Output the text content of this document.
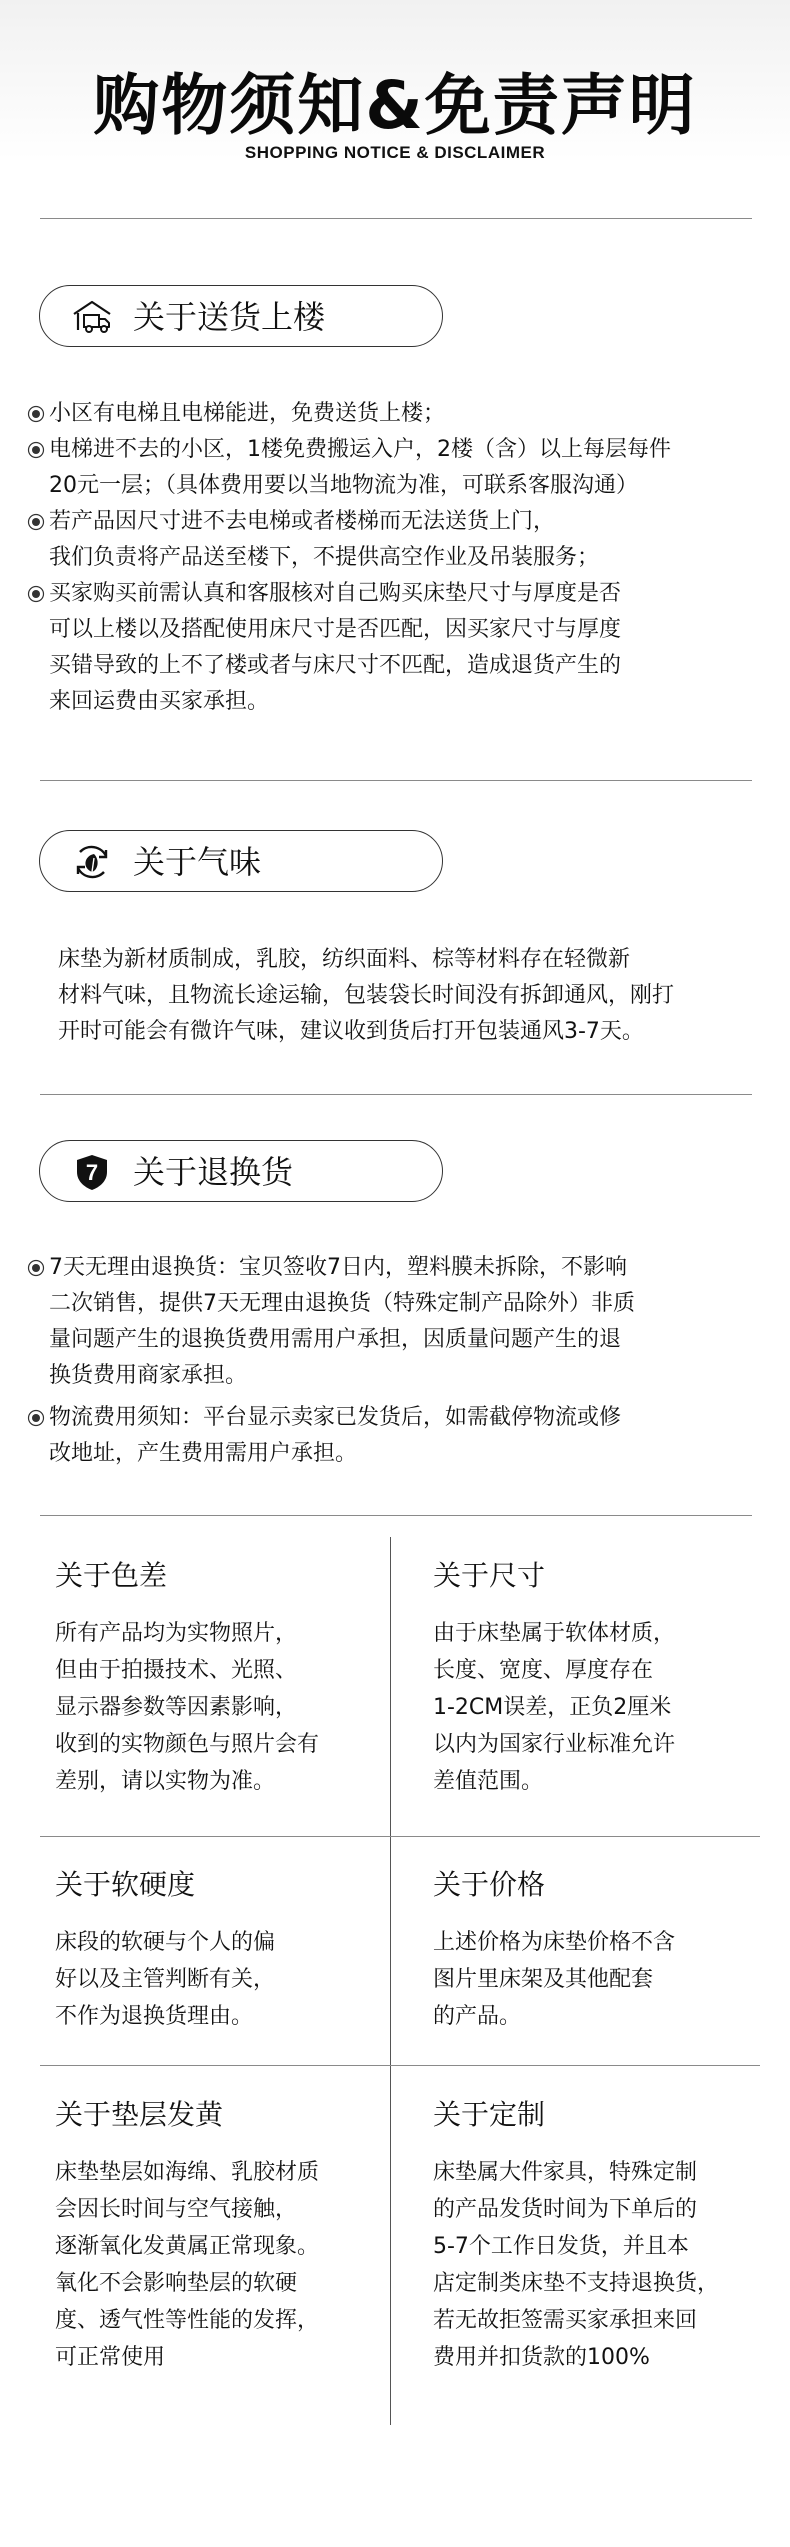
购物须知&免责声明
SHOPPING NOTICE & DISCLAIMER
关于送货上楼
小区有电梯且电梯能进，免费送货上楼；
电梯进不去的小区，1楼免费搬运入户，2楼（含）以上每层每件
20元一层；（具体费用要以当地物流为准，可联系客服沟通）
若产品因尺寸进不去电梯或者楼梯而无法送货上门，
我们负责将产品送至楼下，不提供高空作业及吊装服务；
买家购买前需认真和客服核对自己购买床垫尺寸与厚度是否
可以上楼以及搭配使用床尺寸是否匹配，因买家尺寸与厚度
买错导致的上不了楼或者与床尺寸不匹配，造成退货产生的
来回运费由买家承担。
关于气味
床垫为新材质制成，乳胶，纺织面料、棕等材料存在轻微新
材料气味，且物流长途运输，包装袋长时间没有拆卸通风，刚打
开时可能会有微许气味，建议收到货后打开包装通风3-7天。
7 关于退换货
7天无理由退换货：宝贝签收7日内，塑料膜未拆除，不影响
二次销售，提供7天无理由退换货（特殊定制产品除外）非质
量问题产生的退换货费用需用户承担，因质量问题产生的退
换货费用商家承担。
物流费用须知：平台显示卖家已发货后，如需截停物流或修
改地址，产生费用需用户承担。
关于色差
所有产品均为实物照片，
但由于拍摄技术、光照、
显示器参数等因素影响，
收到的实物颜色与照片会有
差别，请以实物为准。
关于尺寸
由于床垫属于软体材质，
长度、宽度、厚度存在
1-2CM误差，正负2厘米
以内为国家行业标准允许
差值范围。
关于软硬度
床段的软硬与个人的偏
好以及主管判断有关，
不作为退换货理由。
关于价格
上述价格为床垫价格不含
图片里床架及其他配套
的产品。
关于垫层发黄
床垫垫层如海绵、乳胶材质
会因长时间与空气接触，
逐渐氧化发黄属正常现象。
氧化不会影响垫层的软硬
度、透气性等性能的发挥，
可正常使用
关于定制
床垫属大件家具，特殊定制
的产品发货时间为下单后的
5-7个工作日发货，并且本
店定制类床垫不支持退换货，
若无故拒签需买家承担来回
费用并扣货款的100%
